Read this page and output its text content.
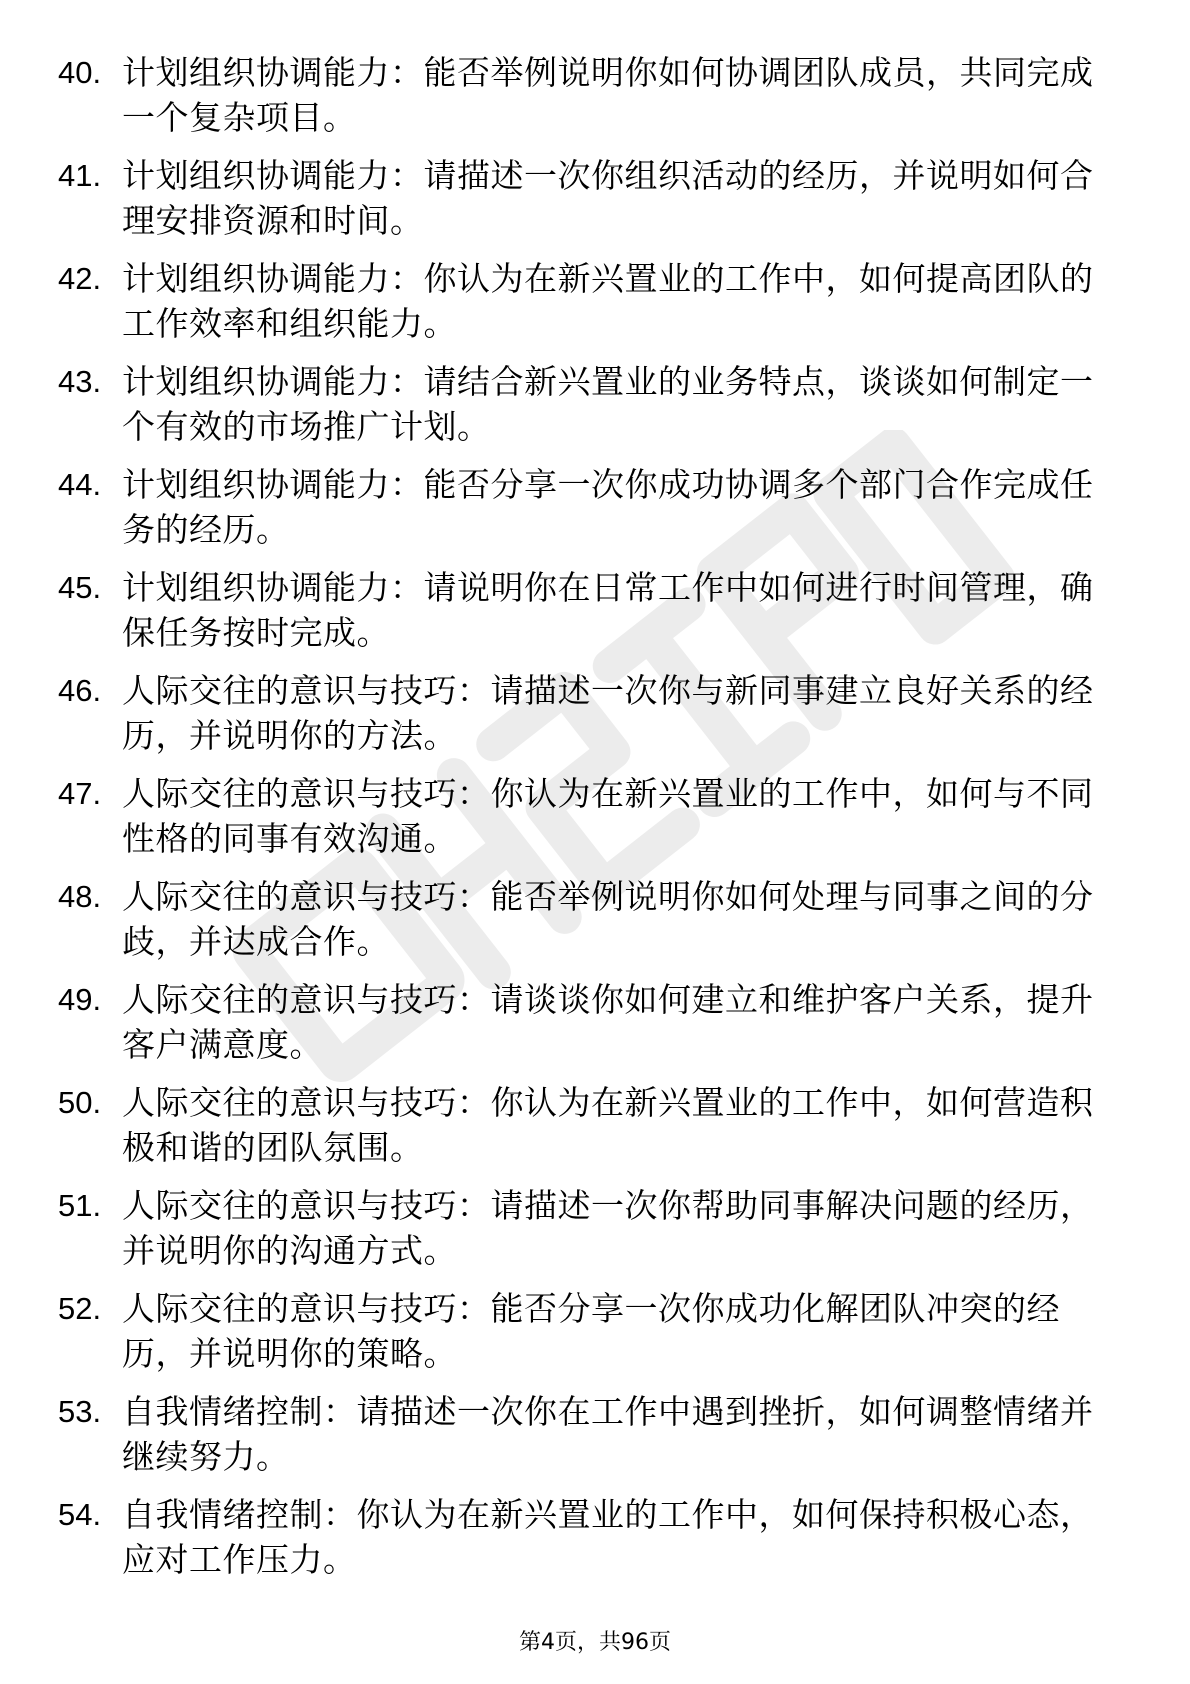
40. 计划组织协调能力：能否举例说明你如何协调团队成员，共同完成一个复杂项目。
41. 计划组织协调能力：请描述一次你组织活动的经历，并说明如何合理安排资源和时间。
42. 计划组织协调能力：你认为在新兴置业的工作中，如何提高团队的工作效率和组织能力。
43. 计划组织协调能力：请结合新兴置业的业务特点，谈谈如何制定一个有效的市场推广计划。
44. 计划组织协调能力：能否分享一次你成功协调多个部门合作完成任务的经历。
45. 计划组织协调能力：请说明你在日常工作中如何进行时间管理，确保任务按时完成。
46. 人际交往的意识与技巧：请描述一次你与新同事建立良好关系的经历，并说明你的方法。
47. 人际交往的意识与技巧：你认为在新兴置业的工作中，如何与不同性格的同事有效沟通。
48. 人际交往的意识与技巧：能否举例说明你如何处理与同事之间的分歧，并达成合作。
49. 人际交往的意识与技巧：请谈谈你如何建立和维护客户关系，提升客户满意度。
50. 人际交往的意识与技巧：你认为在新兴置业的工作中，如何营造积极和谐的团队氛围。
51. 人际交往的意识与技巧：请描述一次你帮助同事解决问题的经历，并说明你的沟通方式。
52. 人际交往的意识与技巧：能否分享一次你成功化解团队冲突的经历，并说明你的策略。
53. 自我情绪控制：请描述一次你在工作中遇到挫折，如何调整情绪并继续努力。
54. 自我情绪控制：你认为在新兴置业的工作中，如何保持积极心态，应对工作压力。
第4页，共96页
